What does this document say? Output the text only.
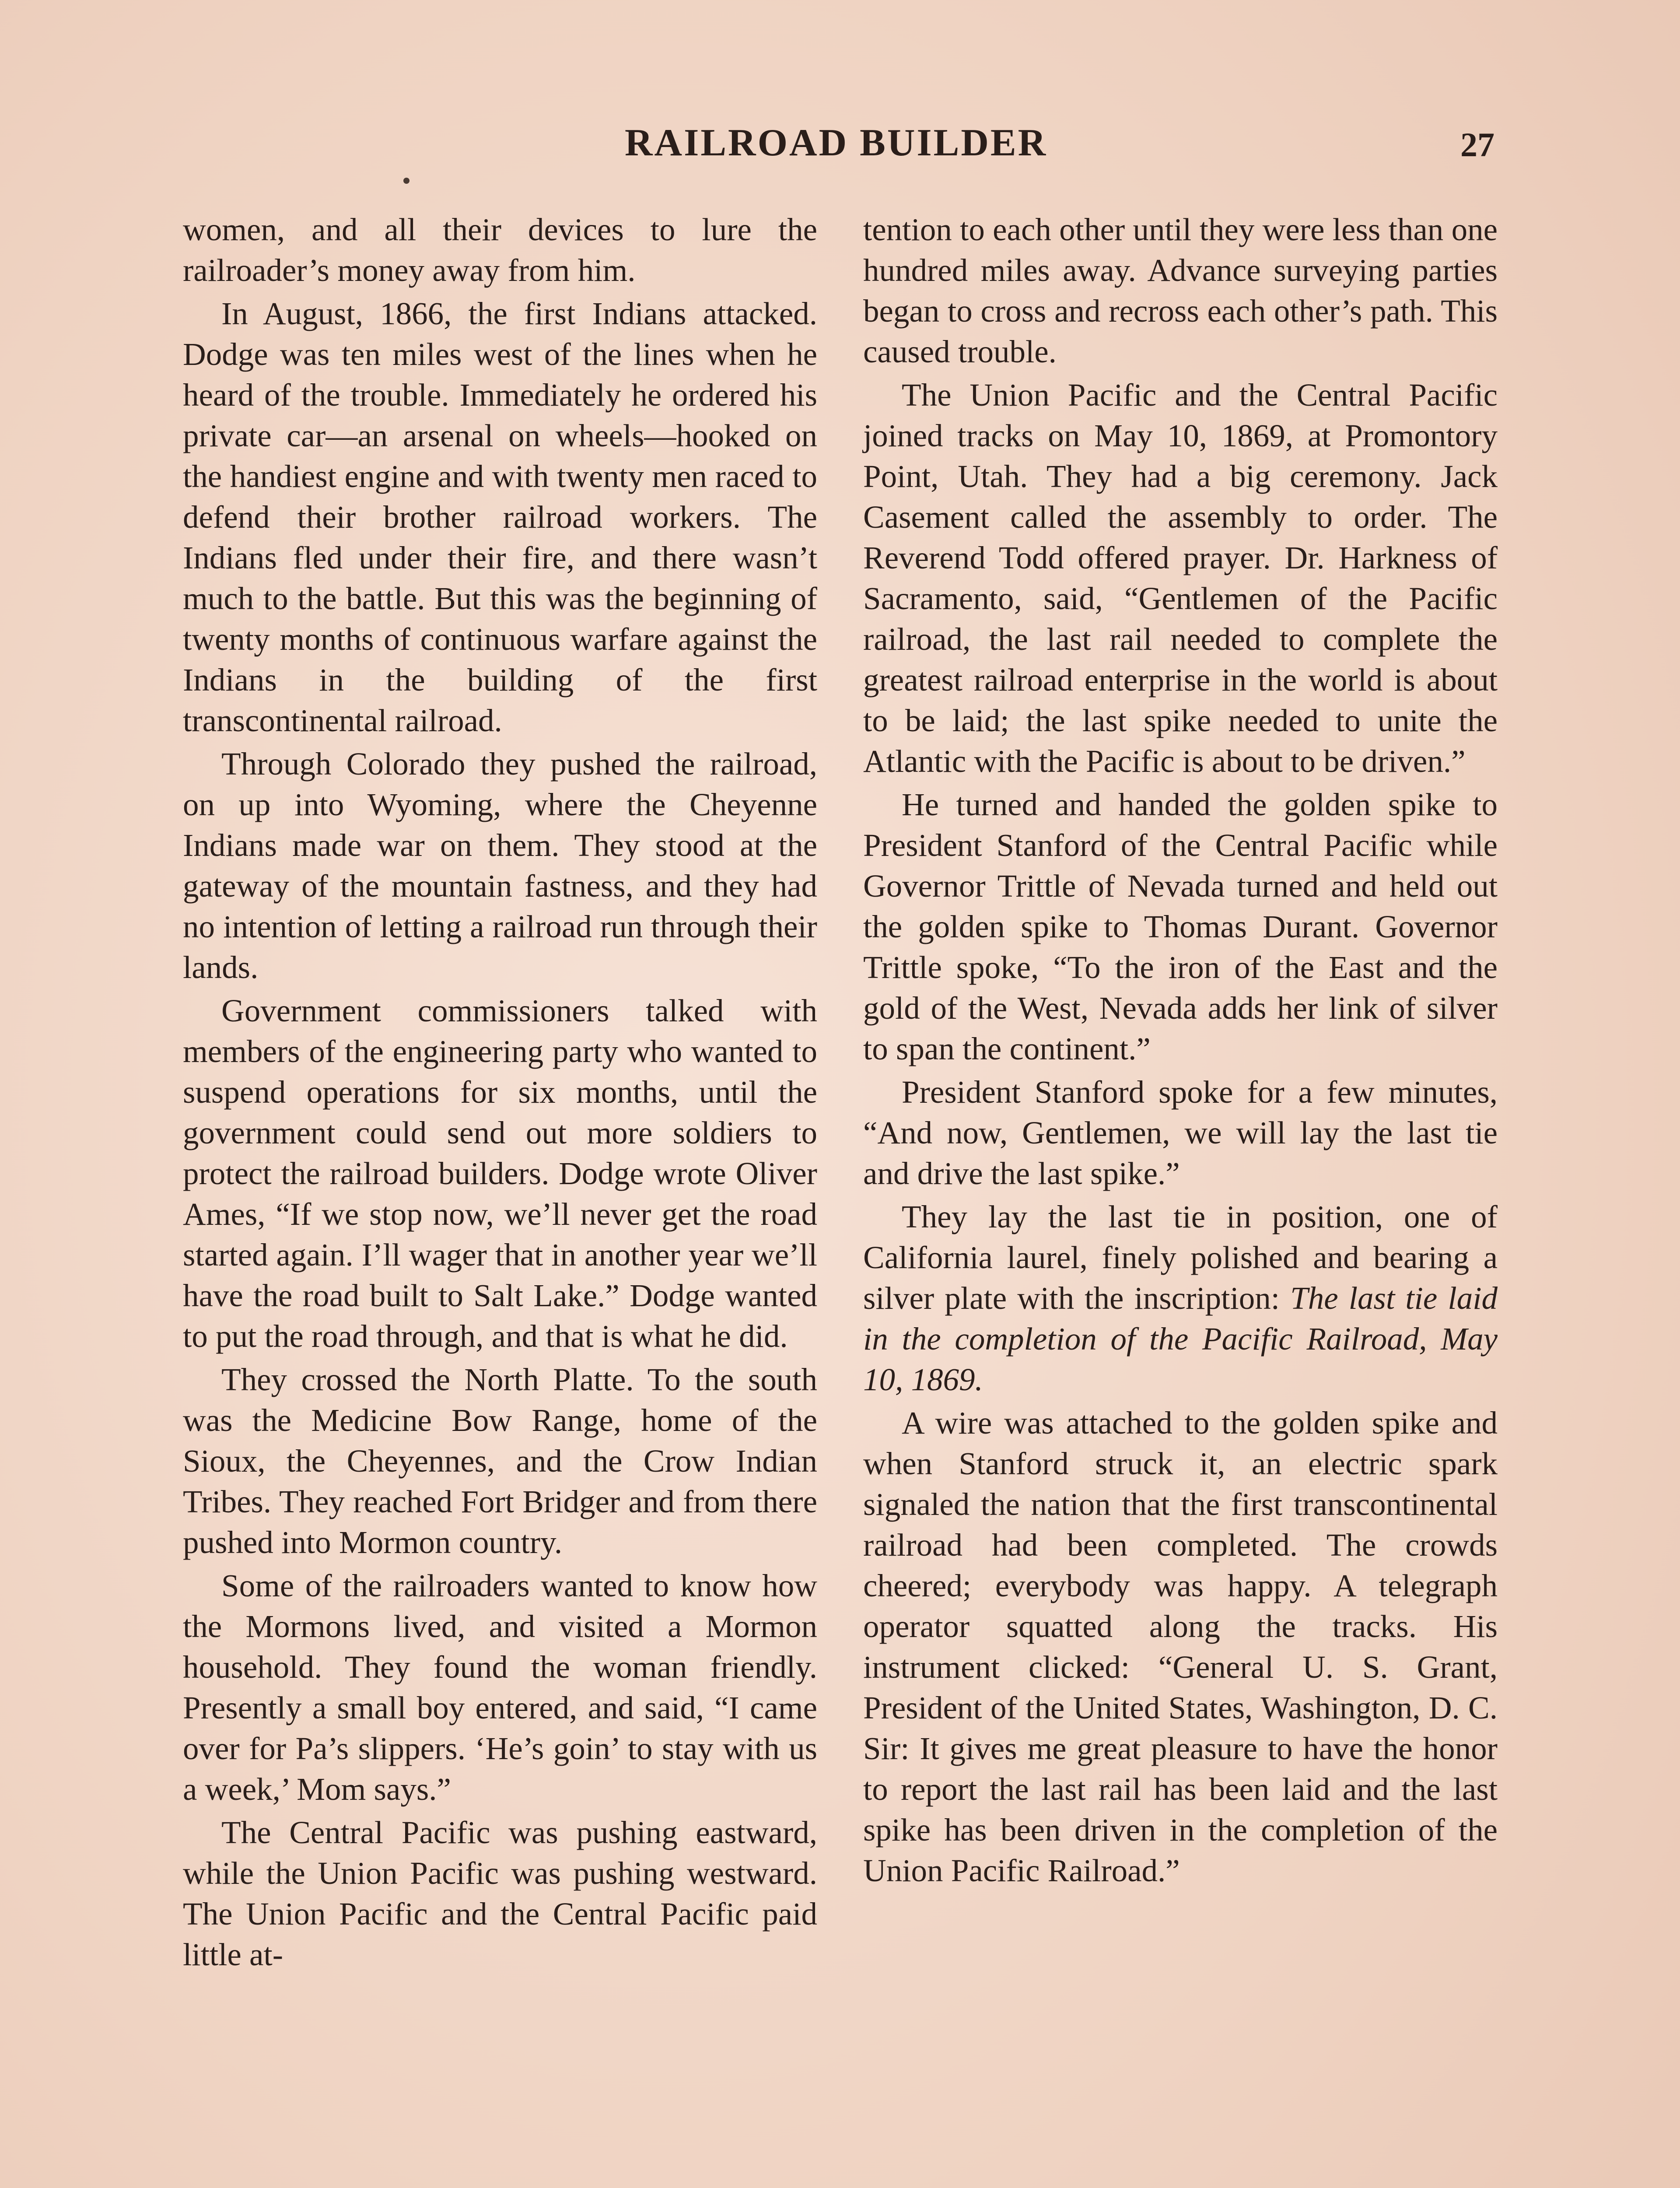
RAILROAD BUILDER	27

women, and all their devices to lure the railroader’s money away from him.

In August, 1866, the first Indians attacked. Dodge was ten miles west of the lines when he heard of the trouble. Immediately he ordered his private car—an arsenal on wheels—hooked on the handiest engine and with twenty men raced to defend their brother railroad workers. The Indians fled under their fire, and there wasn’t much to the battle. But this was the beginning of twenty months of continuous warfare against the Indians in the building of the first transcontinental railroad.

Through Colorado they pushed the railroad, on up into Wyoming, where the Cheyenne Indians made war on them. They stood at the gateway of the mountain fastness, and they had no intention of letting a railroad run through their lands.

Government commissioners talked with members of the engineering party who wanted to suspend operations for six months, until the government could send out more soldiers to protect the railroad builders. Dodge wrote Oliver Ames, “If we stop now, we’ll never get the road started again. I’ll wager that in another year we’ll have the road built to Salt Lake.” Dodge wanted to put the road through, and that is what he did.

They crossed the North Platte. To the south was the Medicine Bow Range, home of the Sioux, the Cheyennes, and the Crow Indian Tribes. They reached Fort Bridger and from there pushed into Mormon country.

Some of the railroaders wanted to know how the Mormons lived, and visited a Mormon household. They found the woman friendly. Presently a small boy entered, and said, “I came over for Pa’s slippers. ‘He’s goin’ to stay with us a week,’ Mom says.”

The Central Pacific was pushing eastward, while the Union Pacific was pushing westward. The Union Pacific and the Central Pacific paid little at-

tention to each other until they were less than one hundred miles away. Advance surveying parties began to cross and recross each other’s path. This caused trouble.

The Union Pacific and the Central Pacific joined tracks on May 10, 1869, at Promontory Point, Utah. They had a big ceremony. Jack Casement called the assembly to order. The Reverend Todd offered prayer. Dr. Harkness of Sacramento, said, “Gentlemen of the Pacific railroad, the last rail needed to complete the greatest railroad enterprise in the world is about to be laid; the last spike needed to unite the Atlantic with the Pacific is about to be driven.”

He turned and handed the golden spike to President Stanford of the Central Pacific while Governor Trittle of Nevada turned and held out the golden spike to Thomas Durant. Governor Trittle spoke, “To the iron of the East and the gold of the West, Nevada adds her link of silver to span the continent.”

President Stanford spoke for a few minutes, “And now, Gentlemen, we will lay the last tie and drive the last spike.”

They lay the last tie in position, one of California laurel, finely polished and bearing a silver plate with the inscription: The last tie laid in the completion of the Pacific Railroad, May 10, 1869.

A wire was attached to the golden spike and when Stanford struck it, an electric spark signaled the nation that the first transcontinental railroad had been completed. The crowds cheered; everybody was happy. A telegraph operator squatted along the tracks. His instrument clicked: “General U. S. Grant, President of the United States, Washington, D. C. Sir: It gives me great pleasure to have the honor to report the last rail has been laid and the last spike has been driven in the completion of the Union Pacific Railroad.”
